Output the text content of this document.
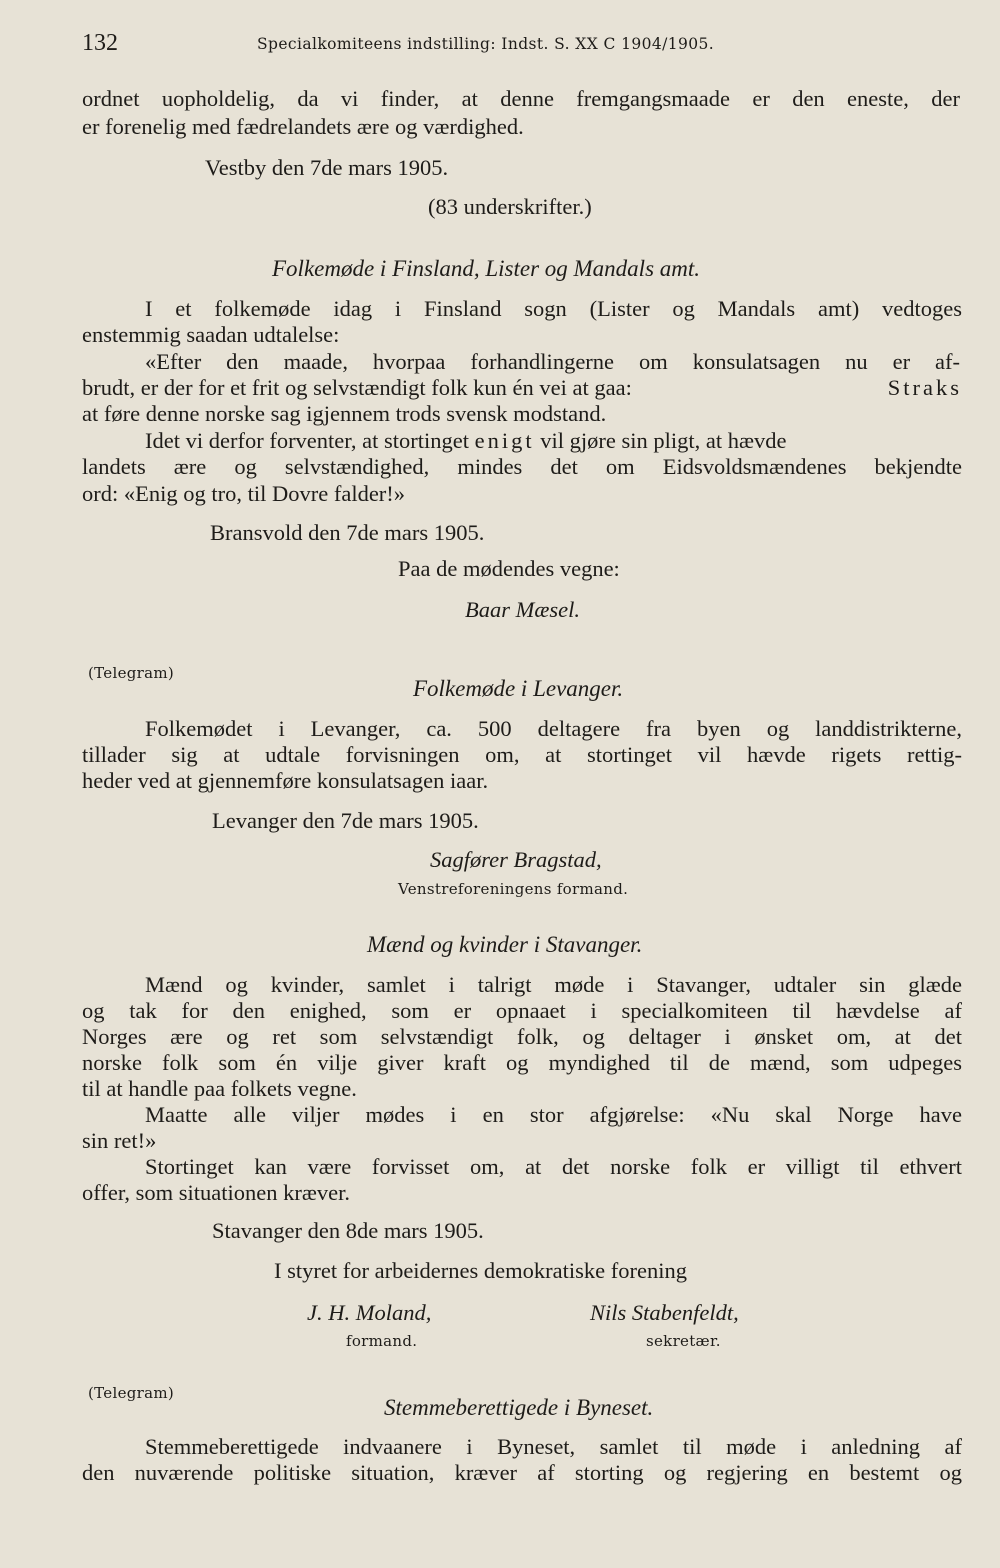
132	Specialkomiteens indstilling: Indst. S. XX C 1904/1905.
ordnet uopholdelig, da vi finder, at denne fremgangsmaade er den eneste, der
er forenelig med fædrelandets ære og værdighed.
Vestby den 7de mars 1905.
(83 underskrifter.)
Folkemøde i Finsland, Lister og Mandals amt.
I et folkemøde idag i Finsland sogn (Lister og Mandals amt) vedtoges
enstemmig saadan udtalelse:
«Efter den maade, hvorpaa forhandlingerne om konsulatsagen nu er af-
brudt, er der for et frit og selvstændigt folk kun én vei at gaa:	Straks
at føre denne norske sag igjennem trods svensk modstand.
Idet vi derfor forventer, at stortinget enigt vil gjøre sin pligt, at hævde
landets ære og selvstændighed, mindes det om Eidsvoldsmændenes bekjendte
ord: «Enig og tro, til Dovre falder!»
Bransvold den 7de mars 1905.
Paa de mødendes vegne:
Baar Mæsel.
(Telegram)
Folkemøde i Levanger.
Folkemødet i Levanger, ca. 500 deltagere fra byen og landdistrikterne,
tillader sig at udtale forvisningen om, at stortinget vil hævde rigets rettig-
heder ved at gjennemføre konsulatsagen iaar.
Levanger den 7de mars 1905.
Sagfører Bragstad,
Venstreforeningens formand.
Mænd og kvinder i Stavanger.
Mænd og kvinder, samlet i talrigt møde i Stavanger, udtaler sin glæde
og tak for den enighed, som er opnaaet i specialkomiteen til hævdelse af
Norges ære og ret som selvstændigt folk, og deltager i ønsket om, at det
norske folk som én vilje giver kraft og myndighed til de mænd, som udpeges
til at handle paa folkets vegne.
Maatte alle viljer mødes i en stor afgjørelse: «Nu skal Norge have
sin ret!»
Stortinget kan være forvisset om, at det norske folk er villigt til ethvert
offer, som situationen kræver.
Stavanger den 8de mars 1905.
I styret for arbeidernes demokratiske forening
J. H. Moland,
formand.
Nils Stabenfeldt,
sekretær.
(Telegram)
Stemmeberettigede i Byneset.
Stemmeberettigede indvaanere i Byneset, samlet til møde i anledning af
den nuværende politiske situation, kræver af storting og regjering en bestemt og
